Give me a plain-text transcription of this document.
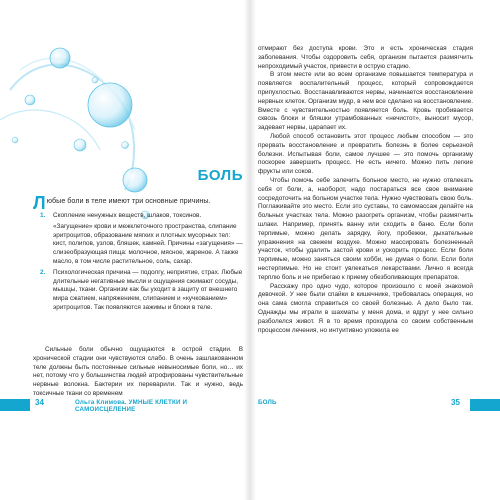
БОЛЬ
Любые боли в теле имеют три основные причины.
1. Скопление ненужных веществ, шлаков, токсинов.
«Загущение» крови и межклеточного пространства, слипание эритроцитов, образование мягких и плотных мусорных тел: кист, полипов, узлов, бляшек, камней. Причины «загущения» — слизеобразующая пища: молочное, мясное, жареное. А также масло, в том числе растительное, соль, сахар.
2. Психологическая причина — подолгу, неприятие, страх. Любые длительные негативные мысли и ощущения сжимают сосуды, мышцы, ткани. Организм как бы уходит в защиту от внешнего мира сжатием, напряжением, слипанием и «кучкованием» эритроцитов. Так появляются зажимы и блоки в теле.

Сильные боли обычно ощущаются в острой стадии. В хронической стадии они чувствуются слабо. В очень зашлакованном теле должны быть постоянные сильные невыносимые боли, но… их нет, потому что у большинства людей атрофированы чувствительные нервные волокна. Бактерии их переварили. Так и нужно, ведь токсичные ткани со временем

34	Ольга Климова. УМНЫЕ КЛЕТКИ И САМОИСЦЕЛЕНИЕ

отмирают без доступа крови. Это и есть хроническая стадия заболевания. Чтобы оздоровить себя, организм пытается размягчить непроходимый участок, привести в острую стадию.

В этом месте или во всем организме повышается температура и появляется воспалительный процесс, который сопровождается припухлостью. Восстанавливаются нервы, начинается восстановление нервных клеток. Организм мудр, в нем все сделано на восстановление. Вместе с чувствительностью появляется боль. Кровь пробивается сквозь блоки и бляшки утрамбованных «нечистот», выносит мусор, задевает нервы, царапает их.

Любой способ остановить этот процесс любым способом — это прервать восстановление и превратить болезнь в более серьезной болезни. Испытывая боли, самое лучшее — это помочь организму поскорее завершить процесс. Не есть ничего. Можно пить легкие фрукты или соков.

Чтобы помочь себе залечить больное место, не нужно отвлекать себя от боли, а, наоборот, надо постараться все свое внимание сосредоточить на больном участке тела. Нужно чувствовать свою боль. Поглаживайте это место. Если это суставы, то самомассаж делайте на больных участках тела. Можно разогреть организм, чтобы размягчить шлаки. Например, принять ванну или сходить в баню. Если боли терпимые, можно делать зарядку, йогу, пробежки, дыхательные упражнения на свежем воздухе. Можно массировать болезненный участок, чтобы удалить застой крови и ускорить процесс. Если боли терпимые, можно заняться своим хобби, не думая о боли. Если боли нестерпимые. Но не стоит увлекаться лекарствами. Лично я всегда терплю боль и не прибегаю к приему обезболивающих препаратов.

Расскажу про одно чудо, которое произошло с моей знакомой девочкой. У нее были спайки в кишечнике, требовалась операция, но она сама смогла справиться со своей болезнью. А дело было так. Однажды мы играли в шахматы у меня дома, и вдруг у нее сильно разболелся живот. Я в то время проходила со своим собственным процессом лечения, но интуитивно уложила ее

БОЛЬ	35
